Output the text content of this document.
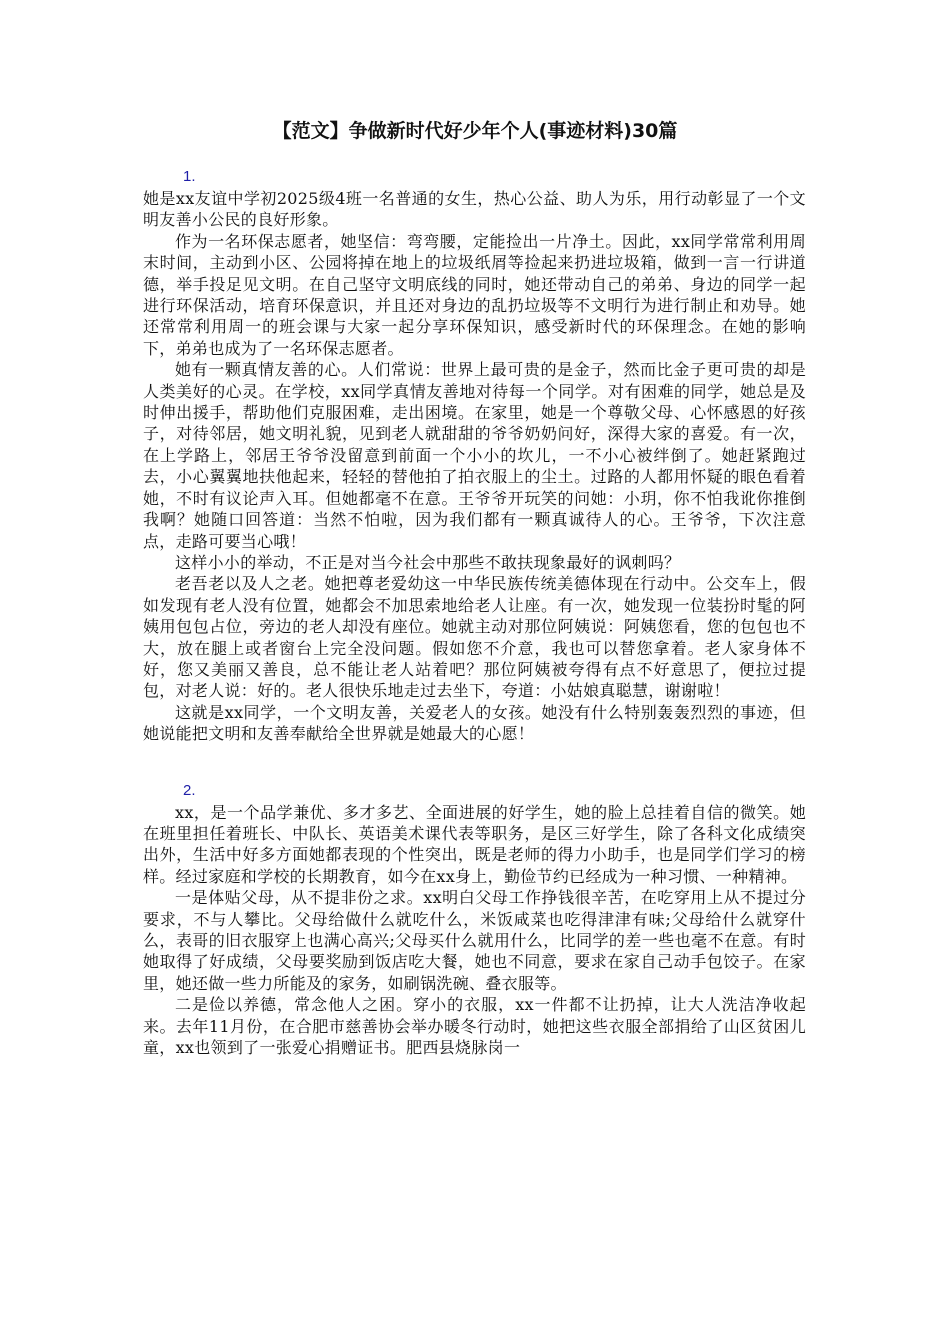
【范文】争做新时代好少年个人(事迹材料)30篇
1.

她是xx友谊中学初2025级4班一名普通的女生，热心公益、助人为乐，用行动彰显了一个文明友善小公民的良好形象。

作为一名环保志愿者，她坚信：弯弯腰，定能捡出一片净土。因此，xx同学常常利用周末时间，主动到小区、公园将掉在地上的垃圾纸屑等捡起来扔进垃圾箱，做到一言一行讲道德，举手投足见文明。在自己坚守文明底线的同时，她还带动自己的弟弟、身边的同学一起进行环保活动，培育环保意识，并且还对身边的乱扔垃圾等不文明行为进行制止和劝导。她还常常利用周一的班会课与大家一起分享环保知识，感受新时代的环保理念。在她的影响下，弟弟也成为了一名环保志愿者。

她有一颗真情友善的心。人们常说：世界上最可贵的是金子，然而比金子更可贵的却是人类美好的心灵。在学校，xx同学真情友善地对待每一个同学。对有困难的同学，她总是及时伸出援手，帮助他们克服困难，走出困境。在家里，她是一个尊敬父母、心怀感恩的好孩子，对待邻居，她文明礼貌，见到老人就甜甜的爷爷奶奶问好，深得大家的喜爱。有一次，在上学路上，邻居王爷爷没留意到前面一个小小的坎儿，一不小心被绊倒了。她赶紧跑过去，小心翼翼地扶他起来，轻轻的替他拍了拍衣服上的尘土。过路的人都用怀疑的眼色看着她，不时有议论声入耳。但她都毫不在意。王爷爷开玩笑的问她：小玥，你不怕我讹你推倒我啊？她随口回答道：当然不怕啦，因为我们都有一颗真诚待人的心。王爷爷，下次注意点，走路可要当心哦！

这样小小的举动，不正是对当今社会中那些不敢扶现象最好的讽刺吗？

老吾老以及人之老。她把尊老爱幼这一中华民族传统美德体现在行动中。公交车上，假如发现有老人没有位置，她都会不加思索地给老人让座。有一次，她发现一位装扮时髦的阿姨用包包占位，旁边的老人却没有座位。她就主动对那位阿姨说：阿姨您看，您的包包也不大，放在腿上或者窗台上完全没问题。假如您不介意，我也可以替您拿着。老人家身体不好，您又美丽又善良，总不能让老人站着吧？那位阿姨被夸得有点不好意思了，便拉过提包，对老人说：好的。老人很快乐地走过去坐下，夸道：小姑娘真聪慧，谢谢啦！

这就是xx同学，一个文明友善，关爱老人的女孩。她没有什么特别轰轰烈烈的事迹，但她说能把文明和友善奉献给全世界就是她最大的心愿！

2.

xx，是一个品学兼优、多才多艺、全面进展的好学生，她的脸上总挂着自信的微笑。她在班里担任着班长、中队长、英语美术课代表等职务，是区三好学生，除了各科文化成绩突出外，生活中好多方面她都表现的个性突出，既是老师的得力小助手，也是同学们学习的榜样。经过家庭和学校的长期教育，如今在xx身上，勤俭节约已经成为一种习惯、一种精神。

一是体贴父母，从不提非份之求。xx明白父母工作挣钱很辛苦，在吃穿用上从不提过分要求，不与人攀比。父母给做什么就吃什么，米饭咸菜也吃得津津有味;父母给什么就穿什么，表哥的旧衣服穿上也满心高兴;父母买什么就用什么，比同学的差一些也毫不在意。有时她取得了好成绩，父母要奖励到饭店吃大餐，她也不同意，要求在家自己动手包饺子。在家里，她还做一些力所能及的家务，如刷锅洗碗、叠衣服等。

二是俭以养德，常念他人之困。穿小的衣服，xx一件都不让扔掉，让大人洗洁净收起来。去年11月份，在合肥市慈善协会举办暖冬行动时，她把这些衣服全部捐给了山区贫困儿童，xx也领到了一张爱心捐赠证书。肥西县烧脉岗一
